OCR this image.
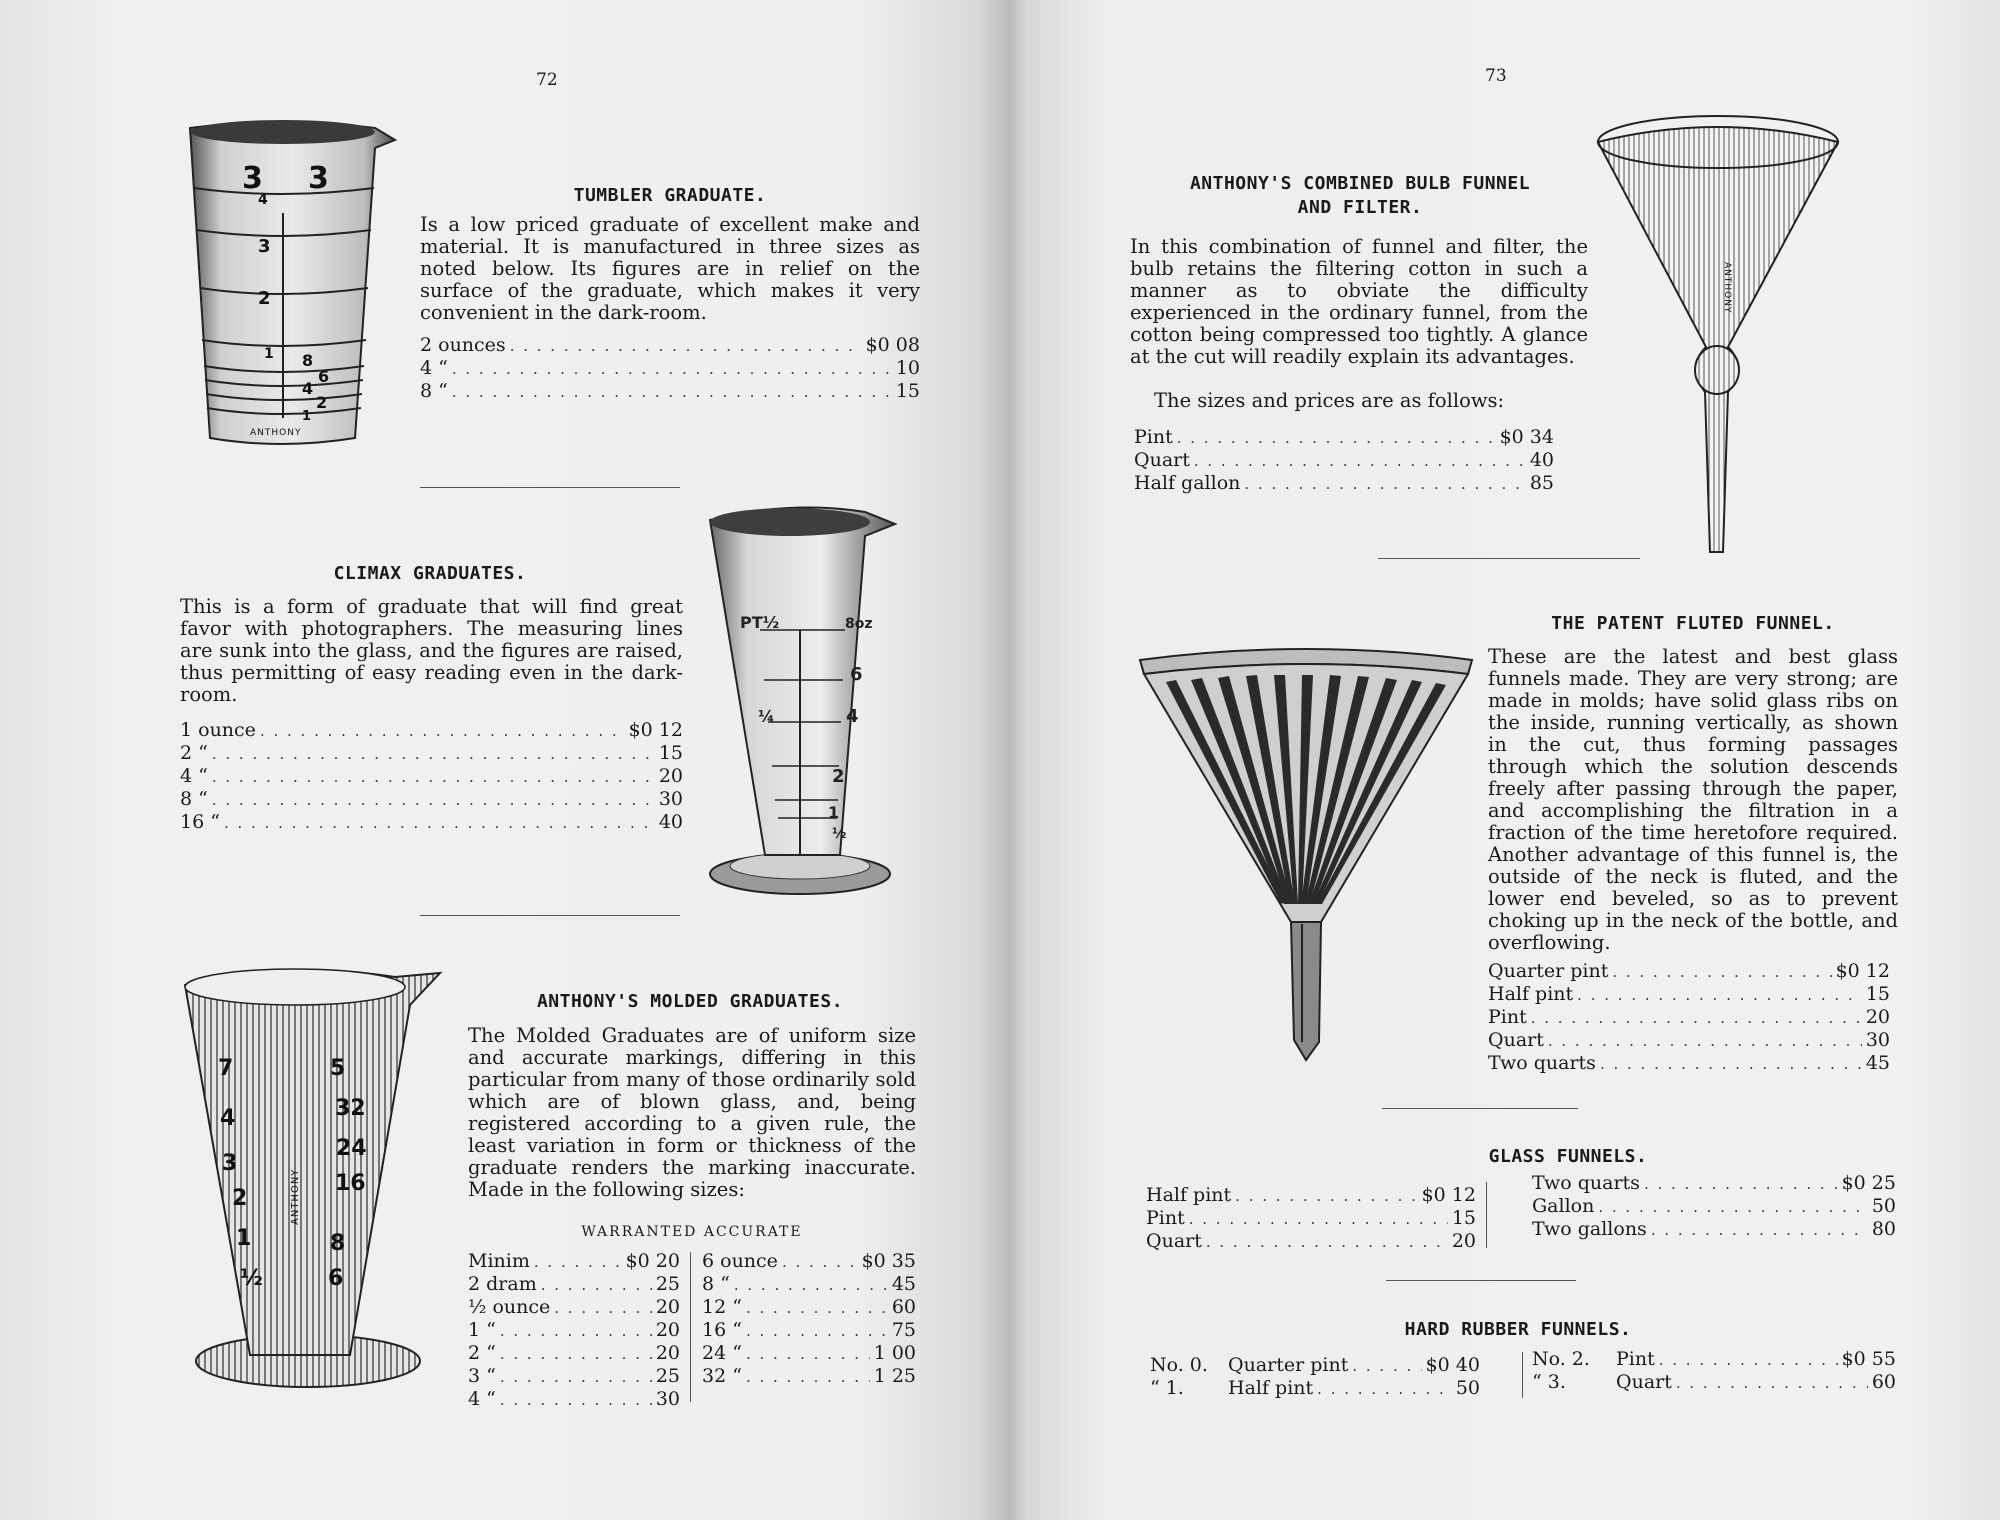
72
3 3
4
3
2
1 8
6
4
2
1
ANTHONY
TUMBLER GRADUATE.
Is a low priced graduate of excellent make and material. It is manufactured in three sizes as noted below. Its figures are in relief on the surface of the graduate, which makes it very convenient in the dark-room.
2 ounces . . .	$0 08
4 “ . . .	10
8 “ . . .	15
PT½	8oz
6
¼	4
2
1
½
CLIMAX GRADUATES.
This is a form of graduate that will find great favor with photographers. The measuring lines are sunk into the glass, and the figures are raised, thus permitting of easy reading even in the dark-room.
1 ounce . . .	$0 12
2 “ . . .	15
4 “ . . .	20
8 “ . . .	30
16 “ . . .	40
7
4
3
2
1
½
5
32
24
16
8
6
ANTHONY
ANTHONY'S MOLDED GRADUATES.
The Molded Graduates are of uniform size and accurate markings, differing in this particular from many of those ordinarily sold which are of blown glass, and, being registered according to a given rule, the least variation in form or thickness of the graduate renders the marking inaccurate. Made in the following sizes:
WARRANTED ACCURATE
Minim . . .	$0 20
2 dram . . .	25
½ ounce . . .	20
1 “ . . .	20
2 “ . . .	20
3 “ . . .	25
4 “ . . .	30
6 ounce . . .	$0 35
8 “ . . .	45
12 “ . . .	60
16 “ . . .	75
24 “ . . .	1 00
32 “ . . .	1 25
73
ANTHONY'S COMBINED BULB FUNNEL
AND FILTER.
In this combination of funnel and filter, the bulb retains the filtering cotton in such a manner as to obviate the difficulty experienced in the ordinary funnel, from the cotton being compressed too tightly. A glance at the cut will readily explain its advantages.
The sizes and prices are as follows:
Pint . . .	$0 34
Quart . . .	40
Half gallon . . .	85
ANTHONY
THE PATENT FLUTED FUNNEL.
These are the latest and best glass funnels made. They are very strong; are made in molds; have solid glass ribs on the inside, running vertically, as shown in the cut, thus forming passages through which the solution descends freely after passing through the paper, and accomplishing the filtration in a fraction of the time heretofore required. Another advantage of this funnel is, the outside of the neck is fluted, and the lower end beveled, so as to prevent choking up in the neck of the bottle, and overflowing.
Quarter pint . . .	$0 12
Half pint . . .	15
Pint . . .	20
Quart . . .	30
Two quarts . . .	45
GLASS FUNNELS.
Half pint . . .	$0 12
Pint . . .	15
Quart . . .	20
Two quarts . . .	$0 25
Gallon . . .	50
Two gallons . . .	80
HARD RUBBER FUNNELS.
No. 0.	Quarter pint . . .	$0 40
“ 1.	Half pint . . .	50
No. 2.	Pint . . .	$0 55
“ 3.	Quart . . .	60
